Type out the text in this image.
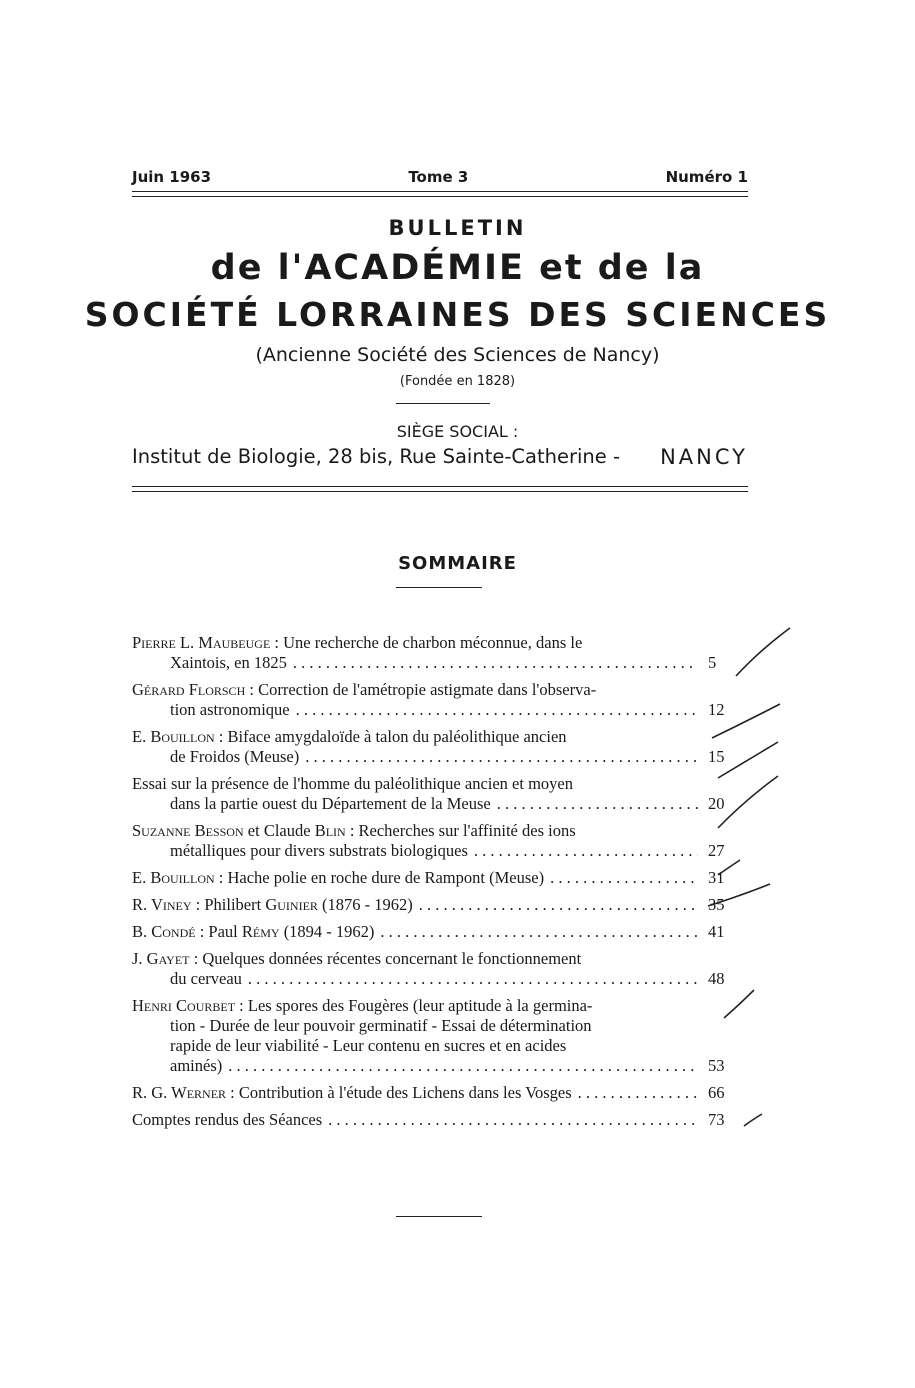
Juin 1963	Tome 3	Numéro 1
BULLETIN
de l'ACADÉMIE et de la
SOCIÉTÉ LORRAINES DES SCIENCES
(Ancienne Société des Sciences de Nancy)
(Fondée en 1828)
SIÈGE SOCIAL :
Institut de Biologie, 28 bis, Rue Sainte-Catherine - NANCY
SOMMAIRE
Pierre L. Maubeuge : Une recherche de charbon méconnue, dans le
Xaintois, en 1825 . . .	5
Gérard Florsch : Correction de l'amétropie astigmate dans l'observa-
tion astronomique . . .	12
E. Bouillon : Biface amygdaloïde à talon du paléolithique ancien
de Froidos (Meuse) . . .	15
Essai sur la présence de l'homme du paléolithique ancien et moyen
dans la partie ouest du Département de la Meuse . . .	20
Suzanne Besson et Claude Blin : Recherches sur l'affinité des ions
métalliques pour divers substrats biologiques . . .	27
E. Bouillon : Hache polie en roche dure de Rampont (Meuse) . . .	31
R. Viney : Philibert Guinier (1876 - 1962) . . .	35
B. Condé : Paul Rémy (1894 - 1962) . . .	41
J. Gayet : Quelques données récentes concernant le fonctionnement
du cerveau . . .	48
Henri Courbet : Les spores des Fougères (leur aptitude à la germina-
tion - Durée de leur pouvoir germinatif - Essai de détermination
rapide de leur viabilité - Leur contenu en sucres et en acides
aminés) . . .	53
R. G. Werner : Contribution à l'étude des Lichens dans les Vosges . . .	66
Comptes rendus des Séances . . .	73
